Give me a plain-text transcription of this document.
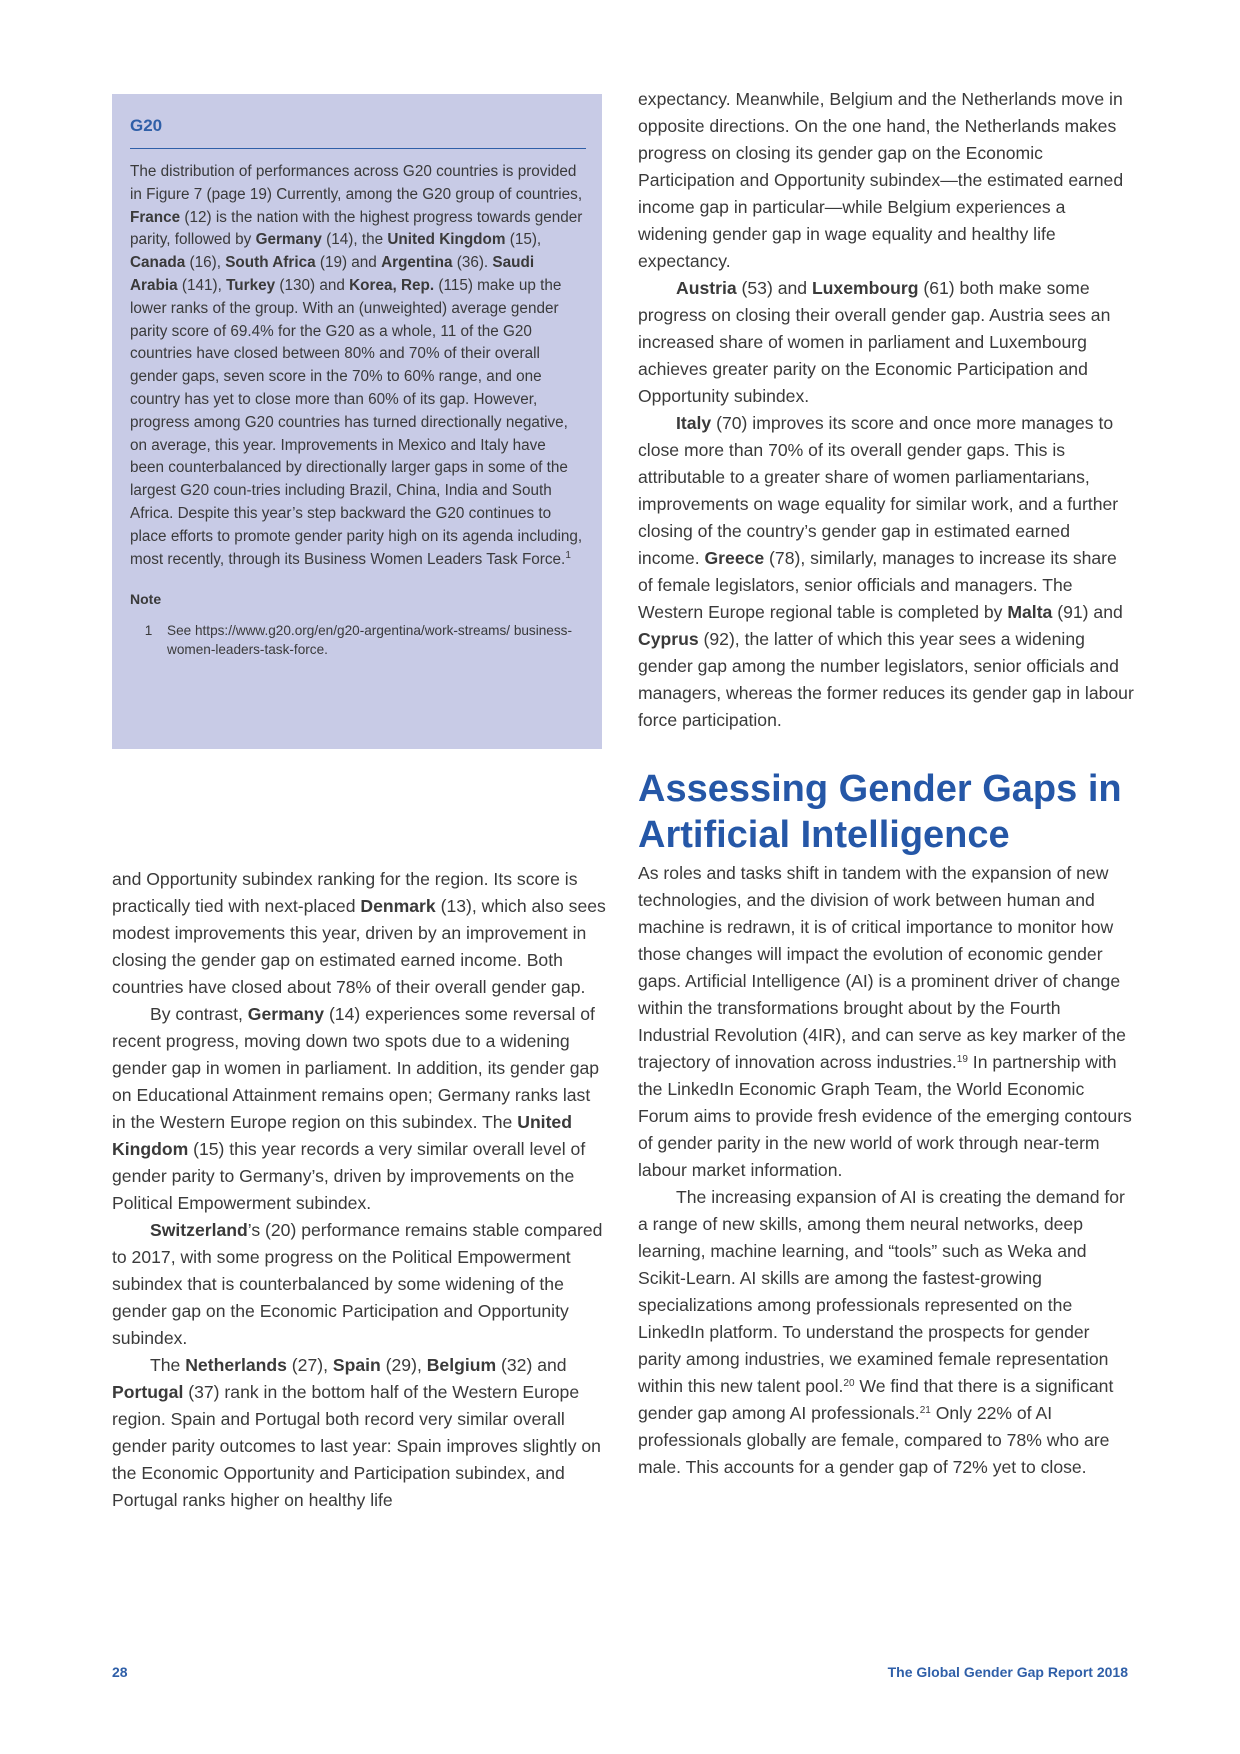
G20

The distribution of performances across G20 countries is provided in Figure 7 (page 19) Currently, among the G20 group of countries, France (12) is the nation with the highest progress towards gender parity, followed by Germany (14), the United Kingdom (15), Canada (16), South Africa (19) and Argentina (36). Saudi Arabia (141), Turkey (130) and Korea, Rep. (115) make up the lower ranks of the group. With an (unweighted) average gender parity score of 69.4% for the G20 as a whole, 11 of the G20 countries have closed between 80% and 70% of their overall gender gaps, seven score in the 70% to 60% range, and one country has yet to close more than 60% of its gap. However, progress among G20 countries has turned directionally negative, on average, this year. Improvements in Mexico and Italy have been counterbalanced by directionally larger gaps in some of the largest G20 coun-tries including Brazil, China, India and South Africa. Despite this year’s step backward the G20 continues to place efforts to promote gender parity high on its agenda including, most recently, through its Business Women Leaders Task Force.$^1$

Note
1	See https://www.g20.org/en/g20-argentina/work-streams/ business-women-leaders-task-force.

and Opportunity subindex ranking for the region. Its score is practically tied with next-placed Denmark (13), which also sees modest improvements this year, driven by an improvement in closing the gender gap on estimated earned income. Both countries have closed about 78% of their overall gender gap.

By contrast, Germany (14) experiences some reversal of recent progress, moving down two spots due to a widening gender gap in women in parliament. In addition, its gender gap on Educational Attainment remains open; Germany ranks last in the Western Europe region on this subindex. The United Kingdom (15) this year records a very similar overall level of gender parity to Germany’s, driven by improvements on the Political Empowerment subindex.

Switzerland’s (20) performance remains stable compared to 2017, with some progress on the Political Empowerment subindex that is counterbalanced by some widening of the gender gap on the Economic Participation and Opportunity subindex.

The Netherlands (27), Spain (29), Belgium (32) and Portugal (37) rank in the bottom half of the Western Europe region. Spain and Portugal both record very similar overall gender parity outcomes to last year: Spain improves slightly on the Economic Opportunity and Participation subindex, and Portugal ranks higher on healthy life

expectancy. Meanwhile, Belgium and the Netherlands move in opposite directions. On the one hand, the Netherlands makes progress on closing its gender gap on the Economic Participation and Opportunity subindex—the estimated earned income gap in particular—while Belgium experiences a widening gender gap in wage equality and healthy life expectancy.

Austria (53) and Luxembourg (61) both make some progress on closing their overall gender gap. Austria sees an increased share of women in parliament and Luxembourg achieves greater parity on the Economic Participation and Opportunity subindex.

Italy (70) improves its score and once more manages to close more than 70% of its overall gender gaps. This is attributable to a greater share of women parliamentarians, improvements on wage equality for similar work, and a further closing of the country’s gender gap in estimated earned income. Greece (78), similarly, manages to increase its share of female legislators, senior officials and managers. The Western Europe regional table is completed by Malta (91) and Cyprus (92), the latter of which this year sees a widening gender gap among the number legislators, senior officials and managers, whereas the former reduces its gender gap in labour force participation.

Assessing Gender Gaps in Artificial Intelligence

As roles and tasks shift in tandem with the expansion of new technologies, and the division of work between human and machine is redrawn, it is of critical importance to monitor how those changes will impact the evolution of economic gender gaps. Artificial Intelligence (AI) is a prominent driver of change within the transformations brought about by the Fourth Industrial Revolution (4IR), and can serve as key marker of the trajectory of innovation across industries.$^{19}$ In partnership with the LinkedIn Economic Graph Team, the World Economic Forum aims to provide fresh evidence of the emerging contours of gender parity in the new world of work through near-term labour market information.

The increasing expansion of AI is creating the demand for a range of new skills, among them neural networks, deep learning, machine learning, and “tools” such as Weka and Scikit-Learn. AI skills are among the fastest-growing specializations among professionals represented on the LinkedIn platform. To understand the prospects for gender parity among industries, we examined female representation within this new talent pool.$^{20}$ We find that there is a significant gender gap among AI professionals.$^{21}$ Only 22% of AI professionals globally are female, compared to 78% who are male. This accounts for a gender gap of 72% yet to close.

28	The Global Gender Gap Report 2018
